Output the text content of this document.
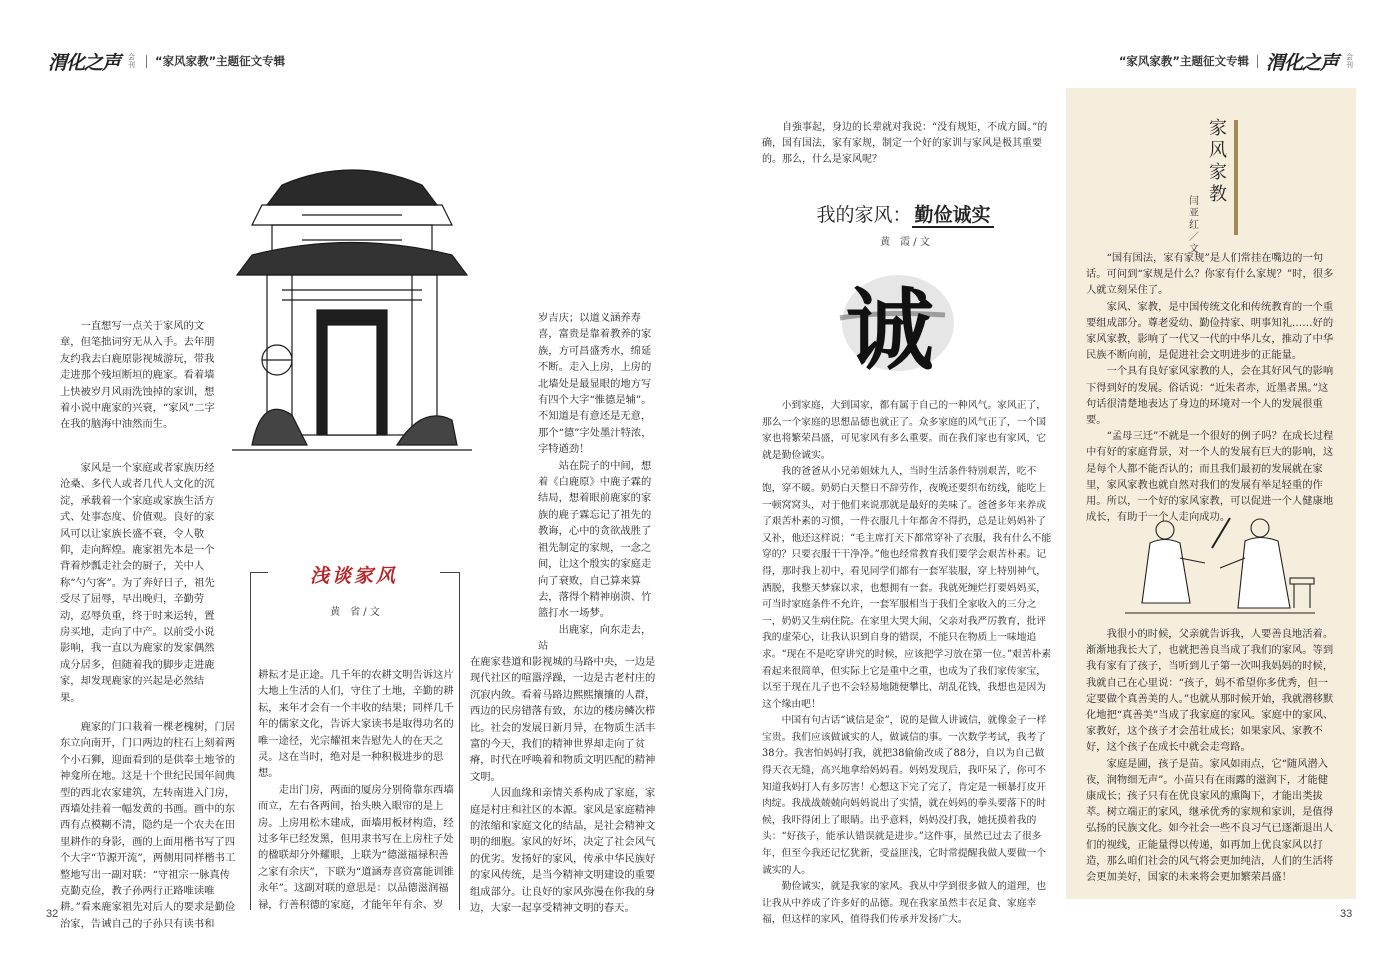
渭化之声 会刊 “家风家教”主题征文专辑	“家风家教”主题征文专辑 渭化之声 会刊

一直想写一点关于家风的文章，但笔拙词穷无从入手。去年朋友约我去白鹿原影视城游玩，带我走进那个残垣断垣的鹿家。看着墙上快被岁月风雨洗蚀掉的家训，想着小说中鹿家的兴衰，“家风”二字在我的脑海中油然而生。

家风是一个家庭或者家族历经沧桑、多代人或者几代人文化的沉淀，承载着一个家庭或家族生活方式、处事态度、价值观。良好的家风可以让家族长盛不衰，令人敬仰，走向辉煌。鹿家祖先本是一个背着炒瓢走社会的厨子，关中人称“勺勺客”。为了奔好日子，祖先受尽了屈辱，早出晚归，辛勤劳动，忍辱负重，终于时来运转，置房买地，走向了中产。以前受小说影响，我一直以为鹿家的发家偶然成分居多，但随着我的脚步走进鹿家，却发现鹿家的兴起是必然结果。

鹿家的门口栽着一棵老槐树，门居东立向南开，门口两边的柱石上刻着两个小石狮，迎面看到的是供奉土地爷的神龛所在地。这是十个世纪民国年间典型的西北农家建筑，左转南进入门房，西墙处挂着一幅发黄的书画。画中的东西有点模糊不清，隐约是一个农夫在田里耕作的身影，画的上面用楷书写了四个大字“节源开流”，两侧用同样楷书工整地写出一副对联：“守祖宗一脉真传克勤克俭，教子孙两行正路唯读唯耕。”看来鹿家祖先对后人的要求是勤俭治家，告诫自己的子孙只有读书和

浅谈家风
黄　省 / 文

耕耘才是正途。几千年的农耕文明告诉这片大地上生活的人们，守住了土地，辛勤的耕耘，来年才会有一个丰收的结果；同样几千年的儒家文化，告诉大家读书是取得功名的唯一途径，光宗耀祖来告慰先人的在天之灵。这在当时，绝对是一种积极进步的思想。

走出门房，两面的厦房分别倚靠东西墙而立，左右各两间，抬头映入眼帘的是上房。上房用松木建成，面墙用板材构造，经过多年已经发黑，但用隶书写在上房柱子处的楹联却分外耀眼，上联为“德滋福禄积善之家有余庆”，下联为“道涵寿喜资富能训锥永年”。这副对联的意思是：以品德滋润福禄，行善积德的家庭，才能年年有余、岁

岁吉庆；以道义涵养寿喜，富贵是靠着教养的家族，方可昌盛秀水，绵延不断。走入上房，上房的北墙处是最显眼的地方写有四个大字“惟德是辅”。不知道是有意还是无意，那个“德”字处墨汁特浓，字特遒劲！

站在院子的中间，想着《白鹿原》中鹿子霖的结局，想着眼前鹿家的家族的鹿子霖忘记了祖先的教诲，心中的贪欲战胜了祖先制定的家规，一念之间，让这个殷实的家庭走向了衰败，自己算来算去，落得个精神崩溃、竹篮打水一场梦。

出鹿家，向东走去，站

在鹿家巷道和影视城的马路中央，一边是现代社区的喧嚣浮躁，一边是古老村庄的沉寂内敛。看着马路边熙熙攘攘的人群，西边的民房错落有致，东边的楼房鳞次栉比。社会的发展日新月异，在物质生活丰富的今天，我们的精神世界却走向了贫瘠，时代在呼唤着和物质文明匹配的精神文明。

人因血缘和亲情关系构成了家庭，家庭是村庄和社区的本源。家风是家庭精神的浓缩和家庭文化的结晶，是社会精神文明的细胞。家风的好坏，决定了社会风气的优劣。发扬好的家风，传承中华民族好的家风传统，是当今精神文明建设的重要组成部分。让良好的家风弥漫在你我的身边，大家一起享受精神文明的春天。

32

自強事起，身边的长辈就对我说：“没有规矩，不成方圆。”的确，国有国法，家有家规，制定一个好的家训与家风是极其重要的。那么，什么是家风呢？

我的家风： 勤俭诚实
黄　霞 / 文
诚

小到家庭，大到国家，都有属于自己的一种风气。家风正了，那么一个家庭的思想品德也就正了。众多家庭的风气正了，一个国家也将繁荣昌盛，可见家风有多么重要。而在我们家也有家风，它就是勤俭诚实。

我的爸爸从小兄弟姐妹九人，当时生活条件特别艰苦，吃不饱，穿不暖。奶奶白天整日不辞劳作，夜晚还要织布纺线，能吃上一顿窝窝头，对于他们来说那就是最好的美味了。爸爸多年来养成了艰苦朴素的习惯，一件衣服几十年都舍不得扔，总是让妈妈补了又补，他还这样说：“毛主席打天下都常穿补了衣服，我有什么不能穿的？只要衣服干干净净。”他也经常教育我们要学会艰苦朴素。记得，那时我上初中，看见同学们都有一套军装服，穿上特别神气，洒脱，我整天梦寐以求，也想拥有一套。我就死缠烂打要妈妈买，可当时家庭条件不允许，一套军服相当于我们全家收入的三分之一，奶奶又生病住院。在家里大哭大闹，父亲对我严厉教育，批评我的虚荣心，让我认识到自身的错误，不能只在物质上一味地追求。“现在不是吃穿讲究的时候，应该把学习放在第一位。”艰苦朴素看起来很简单，但实际上它是重中之重，也成为了我们家传家宝，以至于现在儿子也不会轻易地随便攀比、胡乱花钱，我想也是因为这个缘由吧！

中国有句古话“诚信是金”，说的是做人讲诚信，就像金子一样宝贵。我们应该做诚实的人，做诚信的事。一次数学考试，我考了38分。我害怕妈妈打我，就把38偷偷改成了88分，自以为自己做得天衣无缝，高兴地拿给妈妈看。妈妈发现后，我吓呆了，你可不知道我妈打人有多厉害！心想这下完了完了，肯定是一顿暴打皮开肉绽。我战战兢兢向妈妈说出了实情，就在妈妈的拳头要落下的时候，我吓得闭上了眼睛。出乎意料，妈妈没打我，她抚摸着我的头：“好孩子，能承认错误就是进步。”这件事，虽然已过去了很多年，但至今我还记忆犹新，受益匪浅，它时常提醒我做人要做一个诚实的人。

勤俭诚实，就是我家的家风。我从中学到很多做人的道理，也让我从中养成了许多好的品德。现在我家虽然丰衣足食、家庭幸福，但这样的家风，值得我们传承并发扬广大。

家风家教
闫亚红／文

“国有国法，家有家规”是人们常挂在嘴边的一句话。可问到“家规是什么？你家有什么家规？”时，很多人就立刻呆住了。

家风、家教，是中国传统文化和传统教育的一个重要组成部分。尊老爱幼、勤俭持家、明事知礼……好的家风家教，影响了一代又一代的中华儿女，推动了中华民族不断向前，是促进社会文明进步的正能量。

一个具有良好家风家教的人，会在其好风气的影响下得到好的发展。俗话说：“近朱者赤，近墨者黑。”这句话很清楚地表达了身边的环境对一个人的发展很重要。

“孟母三迁”不就是一个很好的例子吗？在成长过程中有好的家庭背景，对一个人的发展有巨大的影响，这是每个人都不能否认的；而且我们最初的发展就在家里，家风家教也就自然对我们的发展有举足轻重的作用。所以，一个好的家风家教，可以促进一个人健康地成长，有助于一个人走向成功。

我很小的时候，父亲就告诉我，人要善良地活着。渐渐地我长大了，也就把善良当成了我们的家风。等到我有家有了孩子，当听到儿子第一次叫我妈妈的时候，我就自己在心里说：“孩子，妈不希望你多优秀，但一定要做个真善美的人。”也就从那时候开始，我就潜移默化地把“真善美”当成了我家庭的家风。家庭中的家风、家教好，这个孩子才会茁壮成长；如果家风、家教不好，这个孩子在成长中就会走弯路。

家庭是圃，孩子是苗。家风如雨点，它“随风潜入夜，润物细无声”。小苗只有在雨露的滋润下，才能健康成长；孩子只有在优良家风的熏陶下，才能出类拔萃。树立端正的家风，继承优秀的家规和家训，是值得弘扬的民族文化。如今社会一些不良习气已逐渐退出人们的视线，正能量得以传递，如再加上优良家风以打造，那么咱们社会的风气将会更加纯洁，人们的生活将会更加美好，国家的未来将会更加繁荣昌盛！

33
